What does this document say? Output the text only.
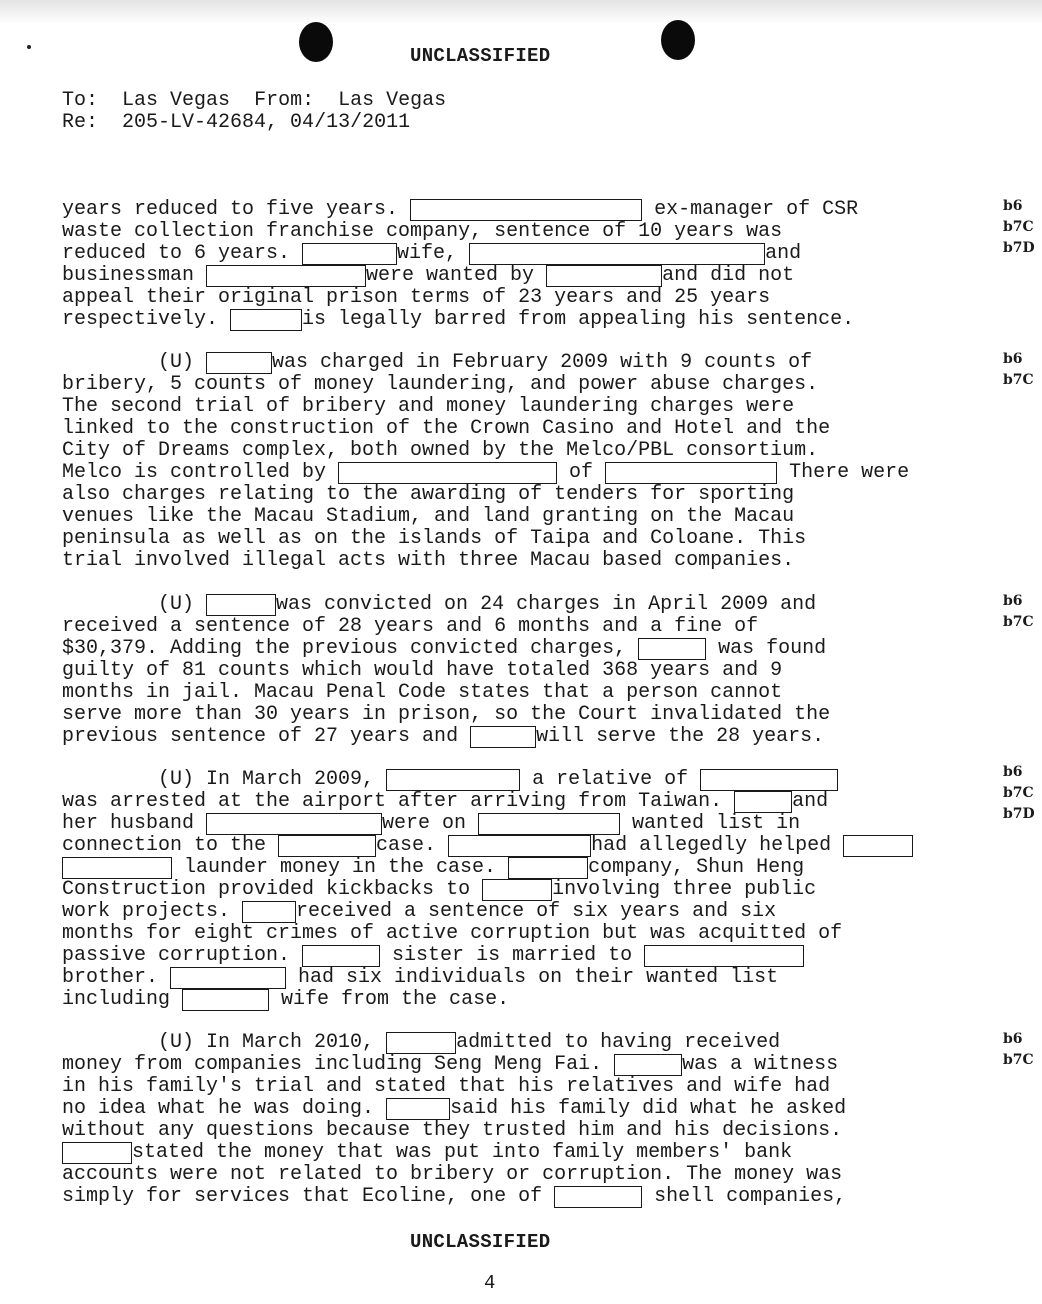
UNCLASSIFIED
To: Las Vegas From: Las Vegas
Re: 205-LV-42684, 04/13/2011
years reduced to five years.	ex-manager of CSR
waste collection franchise company, sentence of 10 years was
reduced to 6 years.	wife,	and
businessman	were wanted by	and did not
appeal their original prison terms of 23 years and 25 years
respectively.	is legally barred from appealing his sentence.
(U)	was charged in February 2009 with 9 counts of
bribery, 5 counts of money laundering, and power abuse charges.
The second trial of bribery and money laundering charges were
linked to the construction of the Crown Casino and Hotel and the
City of Dreams complex, both owned by the Melco/PBL consortium.
Melco is controlled by	of	There were
also charges relating to the awarding of tenders for sporting
venues like the Macau Stadium, and land granting on the Macau
peninsula as well as on the islands of Taipa and Coloane. This
trial involved illegal acts with three Macau based companies.
(U)	was convicted on 24 charges in April 2009 and
received a sentence of 28 years and 6 months and a fine of
$30,379. Adding the previous convicted charges,	was found
guilty of 81 counts which would have totaled 368 years and 9
months in jail. Macau Penal Code states that a person cannot
serve more than 30 years in prison, so the Court invalidated the
previous sentence of 27 years and	will serve the 28 years.
(U) In March 2009,	a relative of
was arrested at the airport after arriving from Taiwan.	and
her husband	were on	wanted list in
connection to the	case.	had allegedly helped
launder money in the case.	company, Shun Heng
Construction provided kickbacks to	involving three public
work projects.	received a sentence of six years and six
months for eight crimes of active corruption but was acquitted of
passive corruption.	sister is married to
brother.	had six individuals on their wanted list
including	wife from the case.
(U) In March 2010,	admitted to having received
money from companies including Seng Meng Fai.	was a witness
in his family's trial and stated that his relatives and wife had
no idea what he was doing.	said his family did what he asked
without any questions because they trusted him and his decisions.
stated the money that was put into family members' bank
accounts were not related to bribery or corruption. The money was
simply for services that Ecoline, one of	shell companies,
b6
b7C
b7D
b6
b7C
b6
b7C
b6
b7C
b7D
b6
b7C
UNCLASSIFIED
4
